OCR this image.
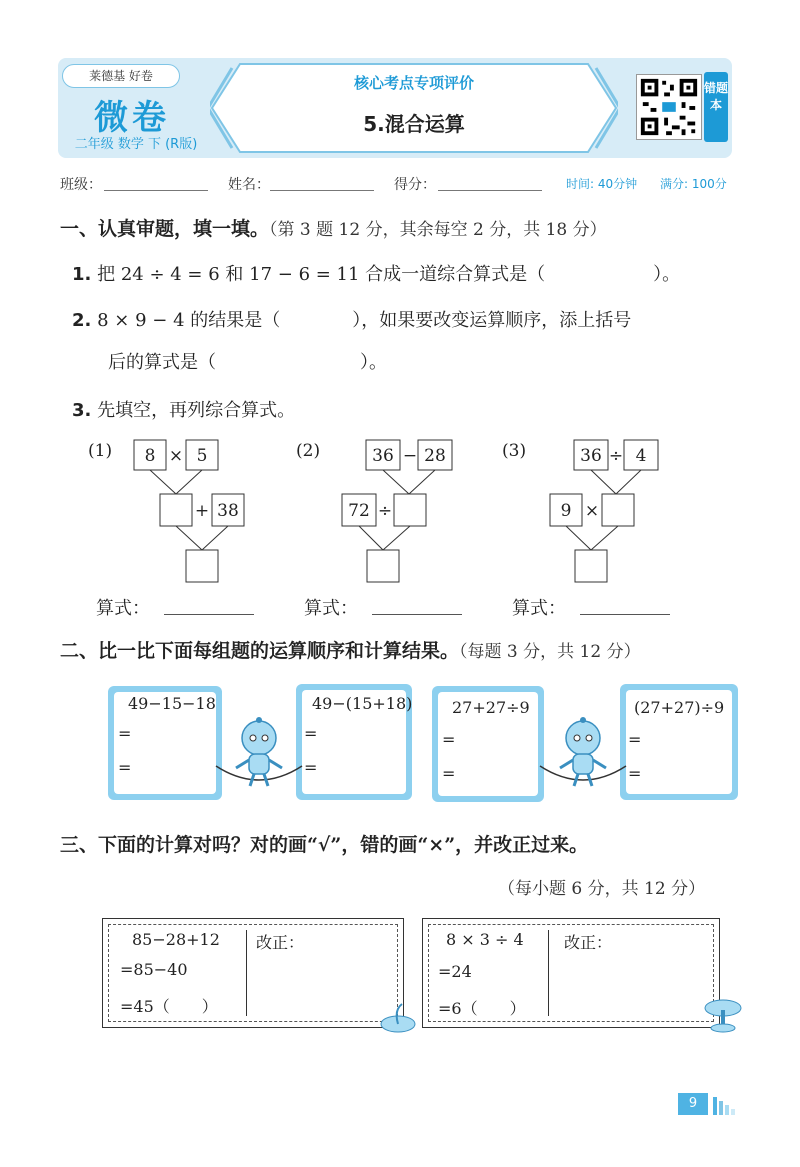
莱德基 好卷
微卷
二年级 数学 下 (R版)
核心考点专项评价
5.混合运算
错题本
班级：	姓名：	得分：	时间: 40分钟 满分: 100分
一、认真审题，填一填。（第 3 题 12 分，其余每空 2 分，共 18 分）
1. 把 24 ÷ 4 = 6 和 17 − 6 = 11 合成一道综合算式是（　　　　　　）。
2. 8 × 9 − 4 的结果是（　　　　），如果要改变运算顺序，添上括号
后的算式是（　　　　　　　　）。
3. 先填空，再列综合算式。
(1) 8 × 5
+ 38
(2)	36 − 28
72 ÷
(3)	36 ÷ 4
9 ×
算式：	算式：	算式：
二、比一比下面每组题的运算顺序和计算结果。（每题 3 分，共 12 分）
49−15−18
=
=
49−(15+18)
=
=
27+27÷9
=
=
(27+27)÷9
=
=
三、下面的计算对吗？对的画“√”，错的画“×”，并改正过来。
（每小题 6 分，共 12 分）
85−28+12
=85−40
=45（　　）
改正：	8 × 3 ÷ 4
=24
=6（　　）
改正：
9
